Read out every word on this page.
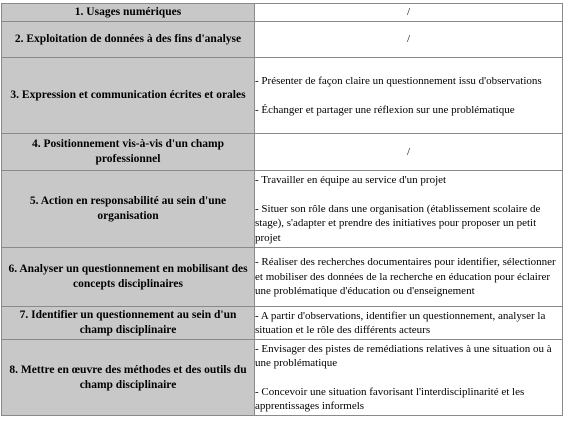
1. Usages numériques	/
2. Exploitation de données à des fins d'analyse	/
3. Expression et communication écrites et orales	- Présenter de façon claire un questionnement issu d'observations
- Échanger et partager une réflexion sur une problématique

4. Positionnement vis-à-vis d'un champ professionnel	/
5. Action en responsabilité au sein d'une organisation	- Travailler en équipe au service d'un projet
- Situer son rôle dans une organisation (établissement scolaire de stage), s'adapter et prendre des initiatives pour proposer un petit projet

6. Analyser un questionnement en mobilisant des concepts disciplinaires	- Réaliser des recherches documentaires pour identifier, sélectionner et mobiliser des données de la recherche en éducation pour éclairer une problématique d'éducation ou d'enseignement

7. Identifier un questionnement au sein d'un champ disciplinaire	- A partir d'observations, identifier un questionnement, analyser la situation et le rôle des différents acteurs

8. Mettre en œuvre des méthodes et des outils du champ disciplinaire	- Envisager des pistes de remédiations relatives à une situation ou à une problématique
- Concevoir une situation favorisant l'interdisciplinarité et les apprentissages informels
